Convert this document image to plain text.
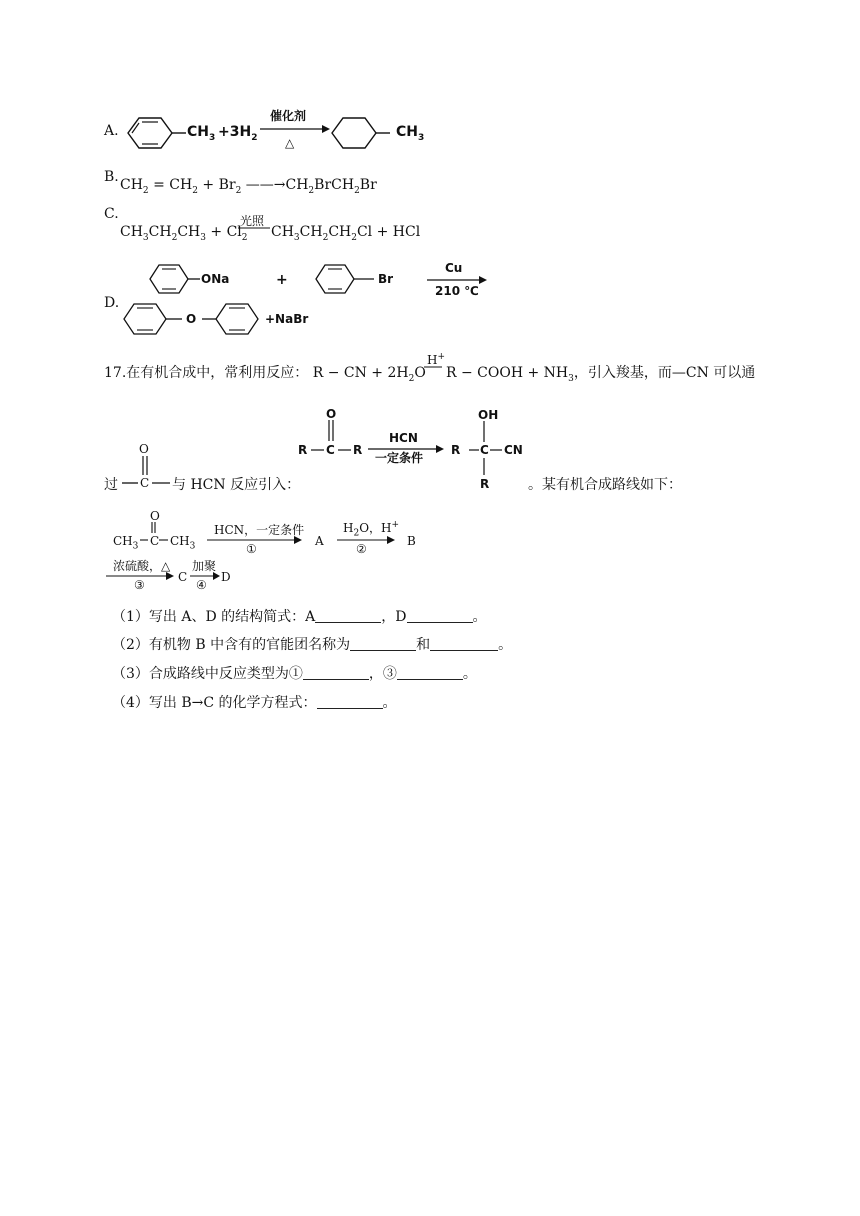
A.	$CH_3 +3H_2$
催化剂
△
$CH_3$
B. $CH_2 = CH_2 + Br_2$ $——\to CH_2BrCH_2Br$
C.
$CH_3CH_2CH_3 + Cl_2$
光照
$CH_3CH_2CH_2Cl$ + HCl
ONa	+	Br
Cu
210 ℃
D.
O	+NaBr
17.在有机合成中，常利用反应： R − CN + $2H_2O$
H+
R − COOH + $NH_3$，引入羧基，而—CN 可以通
过
O
C 与 HCN 反应引入：
O
R C R
HCN
一定条件
R
OH
C CN
R	。某有机合成路线如下：
O
$CH_3$ C $CH_3$
HCN，一定条件
①
A
$H_2O$，H+
②
B
浓硫酸，△
③
C
加聚
④
D
（1）写出 A、D 的结构简式：A	，D	。
（2）有机物 B 中含有的官能团名称为	和	。
（3）合成路线中反应类型为①	，③	。
（4）写出 B→C 的化学方程式：	。
